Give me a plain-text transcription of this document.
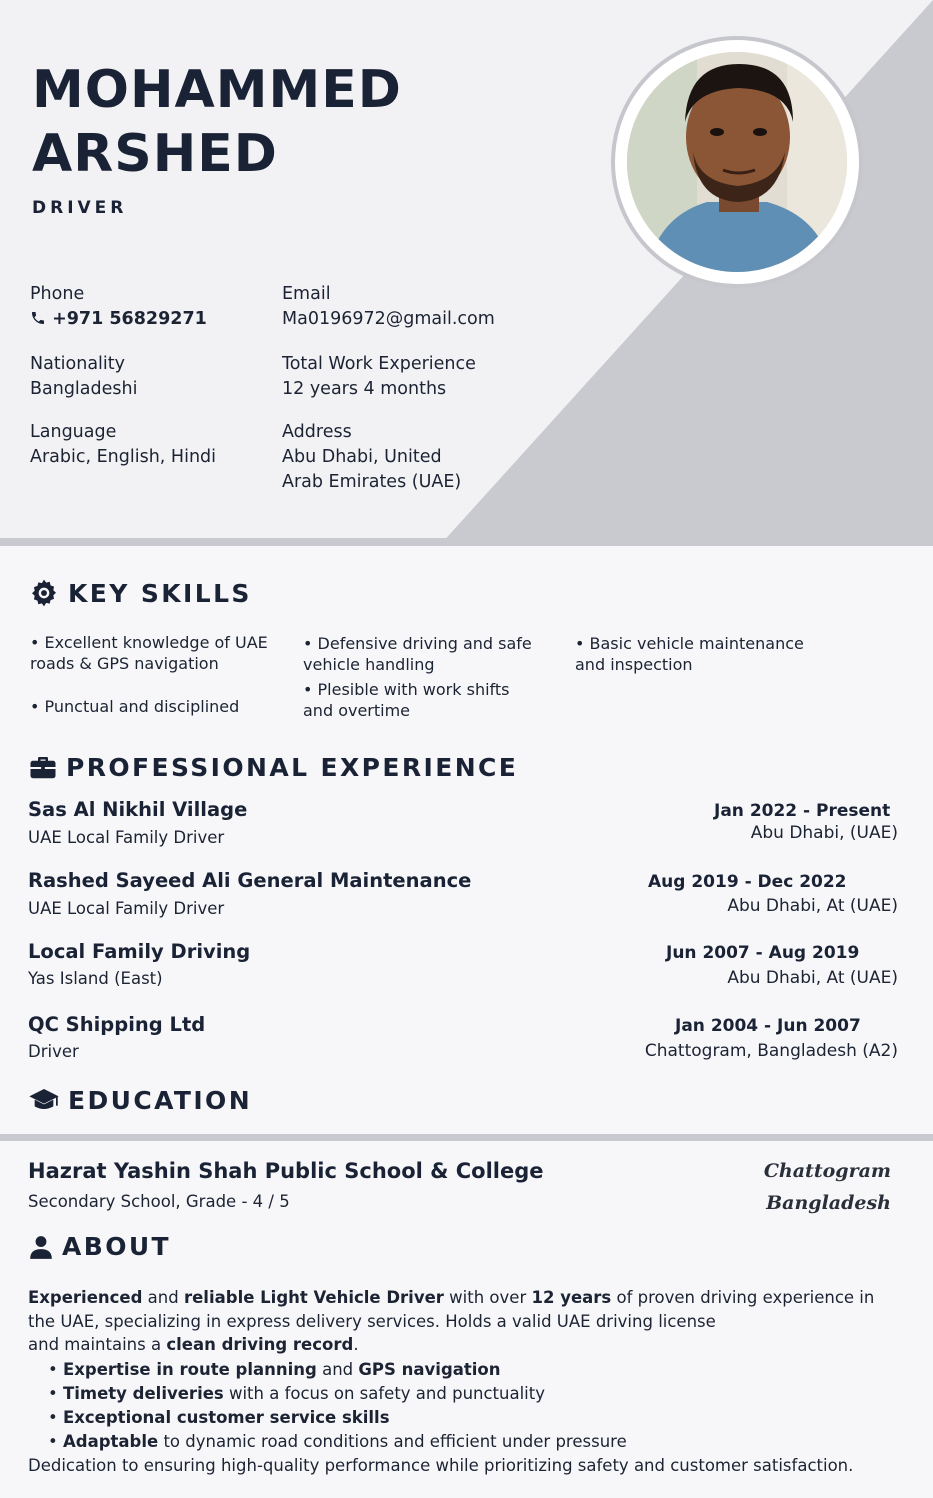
MOHAMMED
ARSHED
DRIVER
Phone
+971 56829271
Email
Ma0196972@gmail.com
Nationality
Bangladeshi
Total Work Experience
12 years 4 months
Language
Arabic, English, Hindi
Address
Abu Dhabi, United
Arab Emirates (UAE)
KEY SKILLS
• Excellent knowledge of UAE
roads & GPS navigation
• Defensive driving and safe
vehicle handling
• Basic vehicle maintenance
and inspection
• Punctual and disciplined
• Plesible with work shifts
and overtime
PROFESSIONAL EXPERIENCE
Sas Al Nikhil Village
UAE Local Family Driver
Jan 2022 - Present
Abu Dhabi, (UAE)
Rashed Sayeed Ali General Maintenance
UAE Local Family Driver
Aug 2019 - Dec 2022
Abu Dhabi, At (UAE)
Local Family Driving
Yas Island (East)
Jun 2007 - Aug 2019
Abu Dhabi, At (UAE)
QC Shipping Ltd
Driver
Jan 2004 - Jun 2007
Chattogram, Bangladesh (A2)
EDUCATION
Hazrat Yashin Shah Public School & College
Secondary School, Grade - 4 / 5
Chattogram
Bangladesh
ABOUT
Experienced and reliable Light Vehicle Driver with over 12 years of proven driving experience in
the UAE, specializing in express delivery services. Holds a valid UAE driving license
and maintains a clean driving record.
• Expertise in route planning and GPS navigation
• Timety deliveries with a focus on safety and punctuality
• Exceptional customer service skills
• Adaptable to dynamic road conditions and efficient under pressure
Dedication to ensuring high-quality performance while prioritizing safety and customer satisfaction.
